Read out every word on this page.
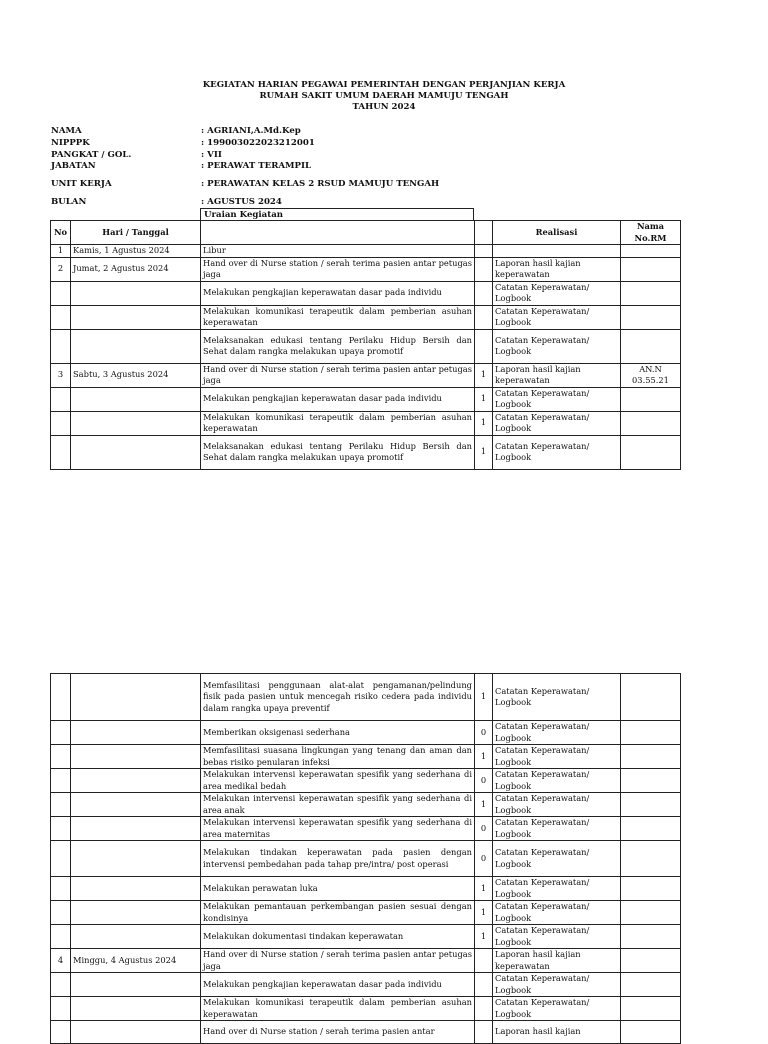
KEGIATAN HARIAN PEGAWAI PEMERINTAH DENGAN PERJANJIAN KERJA
RUMAH SAKIT UMUM DAERAH MAMUJU TENGAH
TAHUN 2024
NAMA	: AGRIANI,A.Md.Kep
NIPPPK	: 199003022023212001
PANGKAT / GOL.	: VII
JABATAN	: PERAWAT TERAMPIL
UNIT KERJA	: PERAWATAN KELAS 2 RSUD MAMUJU TENGAH
BULAN	: AGUSTUS 2024
Uraian Kegiatan
No	Hari / Tanggal			Realisasi	Nama No.RM
1	Kamis, 1 Agustus 2024	Libur			
2	Jumat, 2 Agustus 2024	Hand over di Nurse station / serah terima pasien antar petugas jaga		Laporan hasil kajian keperawatan	
		Melakukan pengkajian keperawatan dasar pada individu		Catatan Keperawatan/ Logbook	
		Melakukan komunikasi terapeutik dalam pemberian asuhan keperawatan		Catatan Keperawatan/ Logbook	
		Melaksanakan edukasi tentang Perilaku Hidup Bersih dan Sehat dalam rangka melakukan upaya promotif		Catatan Keperawatan/ Logbook	
3	Sabtu, 3 Agustus 2024	Hand over di Nurse station / serah terima pasien antar petugas jaga	1	Laporan hasil kajian keperawatan	AN.N 03.55.21
		Melakukan pengkajian keperawatan dasar pada individu	1	Catatan Keperawatan/ Logbook	
		Melakukan komunikasi terapeutik dalam pemberian asuhan keperawatan	1	Catatan Keperawatan/ Logbook	
		Melaksanakan edukasi tentang Perilaku Hidup Bersih dan Sehat dalam rangka melakukan upaya promotif	1	Catatan Keperawatan/ Logbook	
		Memfasilitasi penggunaan alat-alat pengamanan/pelindung fisik pada pasien untuk mencegah risiko cedera pada individu dalam rangka upaya preventif	1	Catatan Keperawatan/ Logbook	
		Memberikan oksigenasi sederhana	0	Catatan Keperawatan/ Logbook	
		Memfasilitasi suasana lingkungan yang tenang dan aman dan bebas risiko penularan infeksi	1	Catatan Keperawatan/ Logbook	
		Melakukan intervensi keperawatan spesifik yang sederhana di area medikal bedah	0	Catatan Keperawatan/ Logbook	
		Melakukan intervensi keperawatan spesifik yang sederhana di area anak	1	Catatan Keperawatan/ Logbook	
		Melakukan intervensi keperawatan spesifik yang sederhana di area maternitas	0	Catatan Keperawatan/ Logbook	
		Melakukan tindakan keperawatan pada pasien dengan intervensi pembedahan pada tahap pre/intra/ post operasi	0	Catatan Keperawatan/ Logbook	
		Melakukan perawatan luka	1	Catatan Keperawatan/ Logbook	
		Melakukan pemantauan perkembangan pasien sesuai dengan kondisinya	1	Catatan Keperawatan/ Logbook	
		Melakukan dokumentasi tindakan keperawatan	1	Catatan Keperawatan/ Logbook	
4	Minggu, 4 Agustus 2024	Hand over di Nurse station / serah terima pasien antar petugas jaga		Laporan hasil kajian keperawatan	
		Melakukan pengkajian keperawatan dasar pada individu		Catatan Keperawatan/ Logbook	
		Melakukan komunikasi terapeutik dalam pemberian asuhan keperawatan		Catatan Keperawatan/ Logbook	
		Hand over di Nurse station / serah terima pasien antar		Laporan hasil kajian	
